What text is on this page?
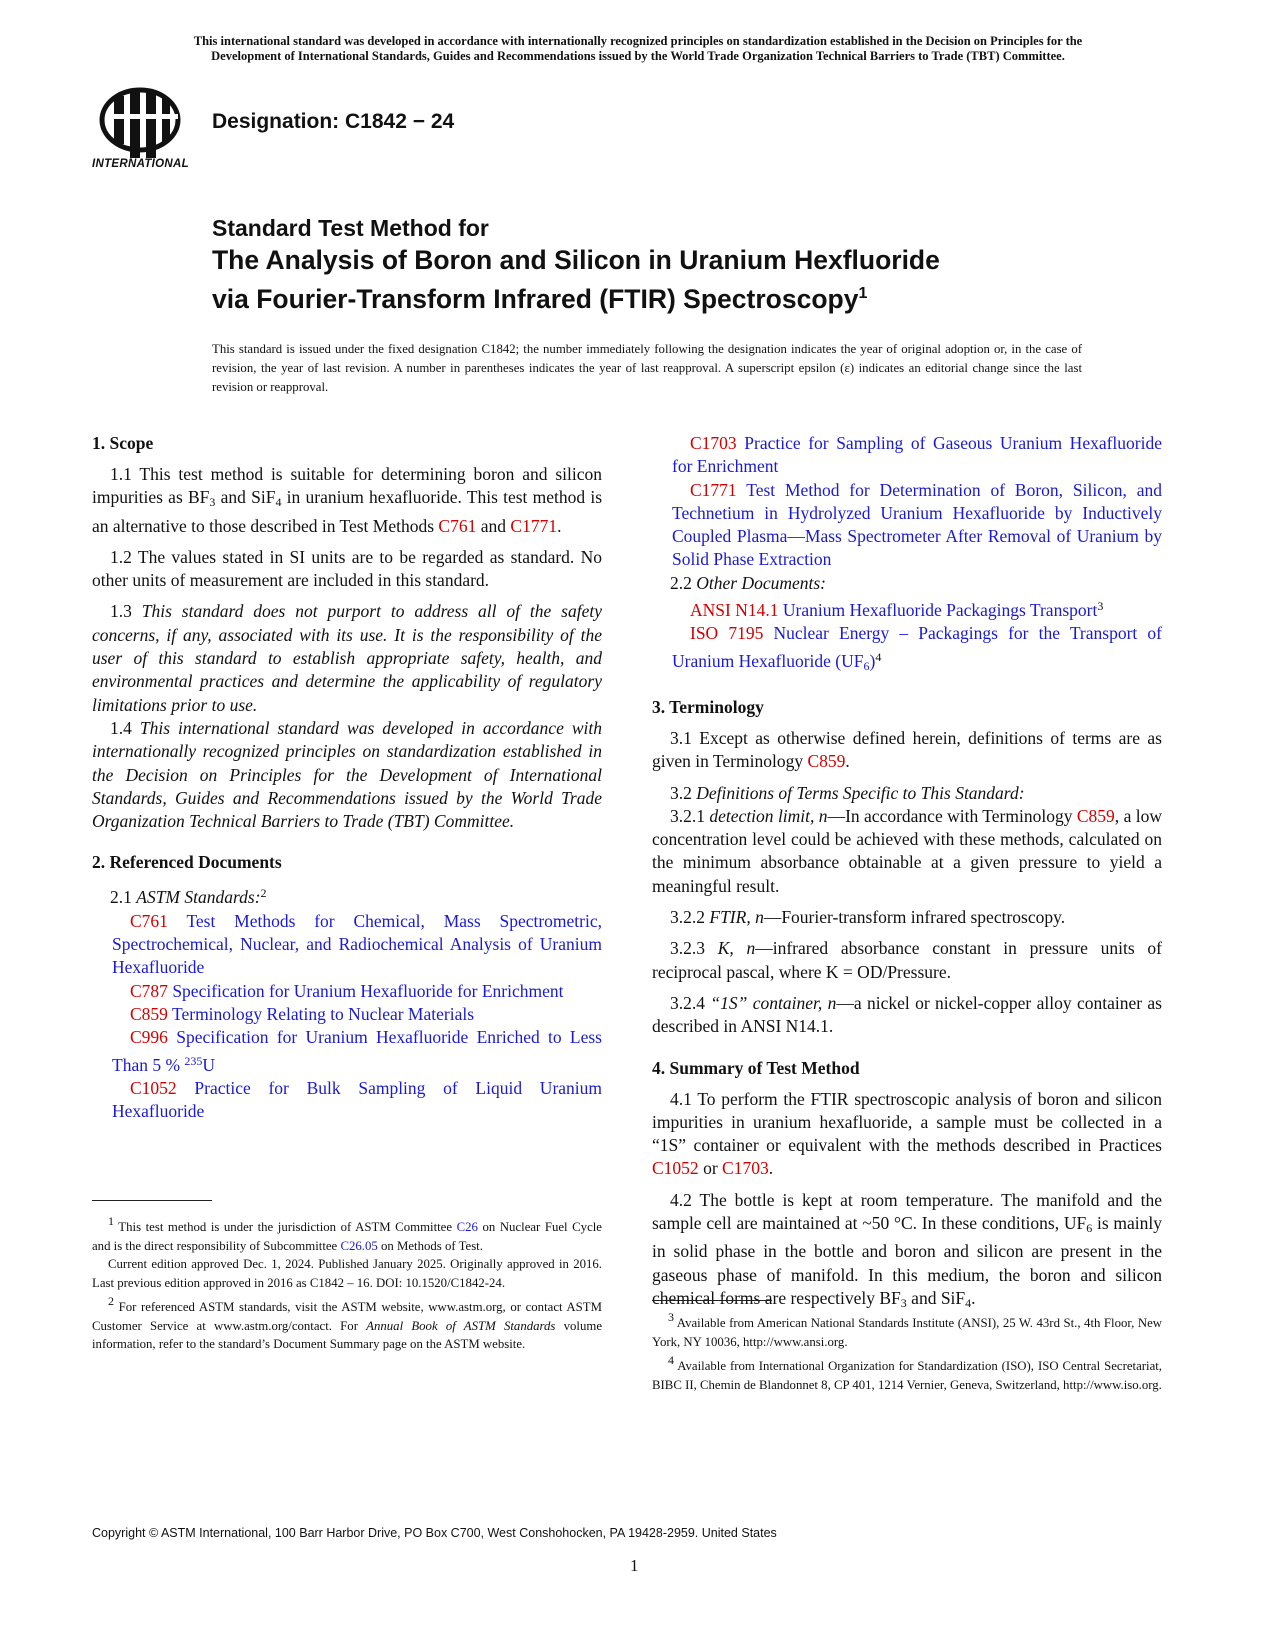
This international standard was developed in accordance with internationally recognized principles on standardization established in the Decision on Principles for the
Development of International Standards, Guides and Recommendations issued by the World Trade Organization Technical Barriers to Trade (TBT) Committee.
INTERNATIONAL
Designation: C1842 − 24
Standard Test Method for
The Analysis of Boron and Silicon in Uranium Hexfluoride
via Fourier-Transform Infrared (FTIR) Spectroscopy$^1$
This standard is issued under the fixed designation C1842; the number immediately following the designation indicates the year of original adoption or, in the case of revision, the year of last revision. A number in parentheses indicates the year of last reapproval. A superscript epsilon (ε) indicates an editorial change since the last revision or reapproval.
1. Scope

1.1 This test method is suitable for determining boron and silicon impurities as $BF_3$ and SiF$_4$ in uranium hexafluoride. This test method is an alternative to those described in Test Methods C761 and C1771.

1.2 The values stated in SI units are to be regarded as standard. No other units of measurement are included in this standard.

1.3 This standard does not purport to address all of the safety concerns, if any, associated with its use. It is the responsibility of the user of this standard to establish appropriate safety, health, and environmental practices and determine the applicability of regulatory limitations prior to use.

1.4 This international standard was developed in accordance with internationally recognized principles on standardization established in the Decision on Principles for the Development of International Standards, Guides and Recommendations issued by the World Trade Organization Technical Barriers to Trade (TBT) Committee.

2. Referenced Documents

2.1 ASTM Standards:$^2$

C761 Test Methods for Chemical, Mass Spectrometric, Spectrochemical, Nuclear, and Radiochemical Analysis of Uranium Hexafluoride

C787 Specification for Uranium Hexafluoride for Enrichment

C859 Terminology Relating to Nuclear Materials

C996 Specification for Uranium Hexafluoride Enriched to Less Than 5 % $^{235}$U

C1052 Practice for Bulk Sampling of Liquid Uranium Hexafluoride

1 This test method is under the jurisdiction of ASTM Committee C26 on Nuclear Fuel Cycle and is the direct responsibility of Subcommittee C26.05 on Methods of Test.

Current edition approved Dec. 1, 2024. Published January 2025. Originally approved in 2016. Last previous edition approved in 2016 as C1842 – 16. DOI: 10.1520/C1842-24.

2 For referenced ASTM standards, visit the ASTM website, www.astm.org, or contact ASTM Customer Service at www.astm.org/contact. For Annual Book of ASTM Standards volume information, refer to the standard’s Document Summary page on the ASTM website.

C1703 Practice for Sampling of Gaseous Uranium Hexafluoride for Enrichment

C1771 Test Method for Determination of Boron, Silicon, and Technetium in Hydrolyzed Uranium Hexafluoride by Inductively Coupled Plasma—Mass Spectrometer After Removal of Uranium by Solid Phase Extraction

2.2 Other Documents:

ANSI N14.1 Uranium Hexafluoride Packagings Transport$^3$

ISO 7195 Nuclear Energy – Packagings for the Transport of Uranium Hexafluoride $(UF_6)^4$

3. Terminology

3.1 Except as otherwise defined herein, definitions of terms are as given in Terminology C859.

3.2 Definitions of Terms Specific to This Standard:

3.2.1 detection limit, n—In accordance with Terminology C859, a low concentration level could be achieved with these methods, calculated on the minimum absorbance obtainable at a given pressure to yield a meaningful result.

3.2.2 FTIR, n—Fourier-transform infrared spectroscopy.

3.2.3 K, n—infrared absorbance constant in pressure units of reciprocal pascal, where K = OD/Pressure.

3.2.4 “1S” container, n—a nickel or nickel-copper alloy container as described in ANSI N14.1.

4. Summary of Test Method

4.1 To perform the FTIR spectroscopic analysis of boron and silicon impurities in uranium hexafluoride, a sample must be collected in a “1S” container or equivalent with the methods described in Practices C1052 or C1703.

4.2 The bottle is kept at room temperature. The manifold and the sample cell are maintained at ~50 °C. In these conditions, $UF_6$ is mainly in solid phase in the bottle and boron and silicon are present in the gaseous phase of manifold. In this medium, the boron and silicon chemical forms are respectively $BF_3$ and SiF$_4$.

3 Available from American National Standards Institute (ANSI), 25 W. 43rd St., 4th Floor, New York, NY 10036, http://www.ansi.org.

4 Available from International Organization for Standardization (ISO), ISO Central Secretariat, BIBC II, Chemin de Blandonnet 8, CP 401, 1214 Vernier, Geneva, Switzerland, http://www.iso.org.

Copyright © ASTM International, 100 Barr Harbor Drive, PO Box C700, West Conshohocken, PA 19428-2959. United States
1
